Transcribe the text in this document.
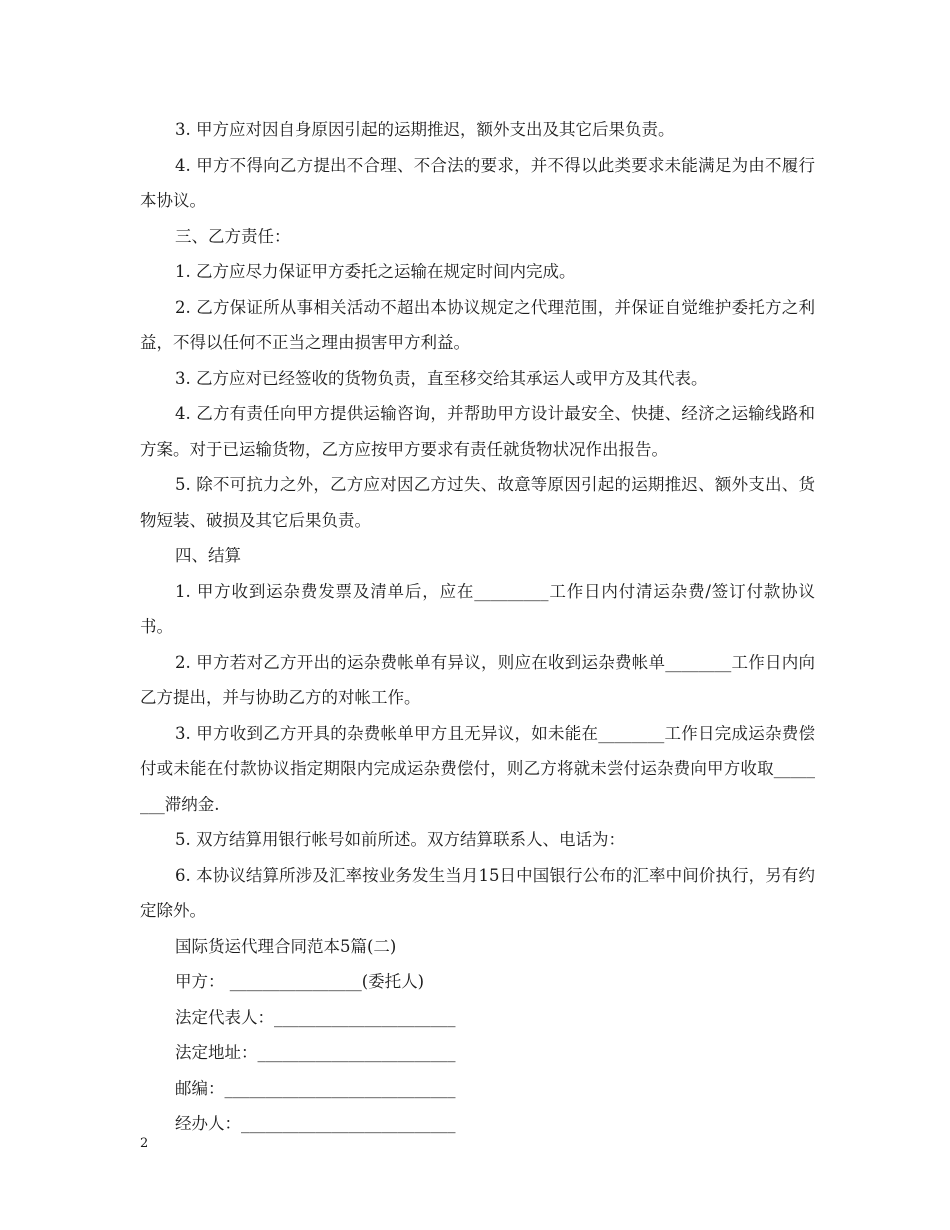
3. 甲方应对因自身原因引起的运期推迟，额外支出及其它后果负责。

4. 甲方不得向乙方提出不合理、不合法的要求，并不得以此类要求未能满足为由不履行本协议。

三、乙方责任：

1. 乙方应尽力保证甲方委托之运输在规定时间内完成。

2. 乙方保证所从事相关活动不超出本协议规定之代理范围，并保证自觉维护委托方之利益，不得以任何不正当之理由损害甲方利益。

3. 乙方应对已经签收的货物负责，直至移交给其承运人或甲方及其代表。

4. 乙方有责任向甲方提供运输咨询，并帮助甲方设计最安全、快捷、经济之运输线路和方案。对于已运输货物，乙方应按甲方要求有责任就货物状况作出报告。

5. 除不可抗力之外，乙方应对因乙方过失、故意等原因引起的运期推迟、额外支出、货物短装、破损及其它后果负责。

四、结算

1. 甲方收到运杂费发票及清单后，应在_________工作日内付清运杂费/签订付款协议书。

2. 甲方若对乙方开出的运杂费帐单有异议，则应在收到运杂费帐单________工作日内向乙方提出，并与协助乙方的对帐工作。

3. 甲方收到乙方开具的杂费帐单甲方且无异议，如未能在________工作日完成运杂费偿付或未能在付款协议指定期限内完成运杂费偿付，则乙方将就未尝付运杂费向甲方收取________滞纳金.

5. 双方结算用银行帐号如前所述。双方结算联系人、电话为：

6. 本协议结算所涉及汇率按业务发生当月15日中国银行公布的汇率中间价执行，另有约定除外。

国际货运代理合同范本5篇(二)

甲方： ________________(委托人)

法定代表人：______________________

法定地址：________________________

邮编：____________________________

经办人：__________________________

2
